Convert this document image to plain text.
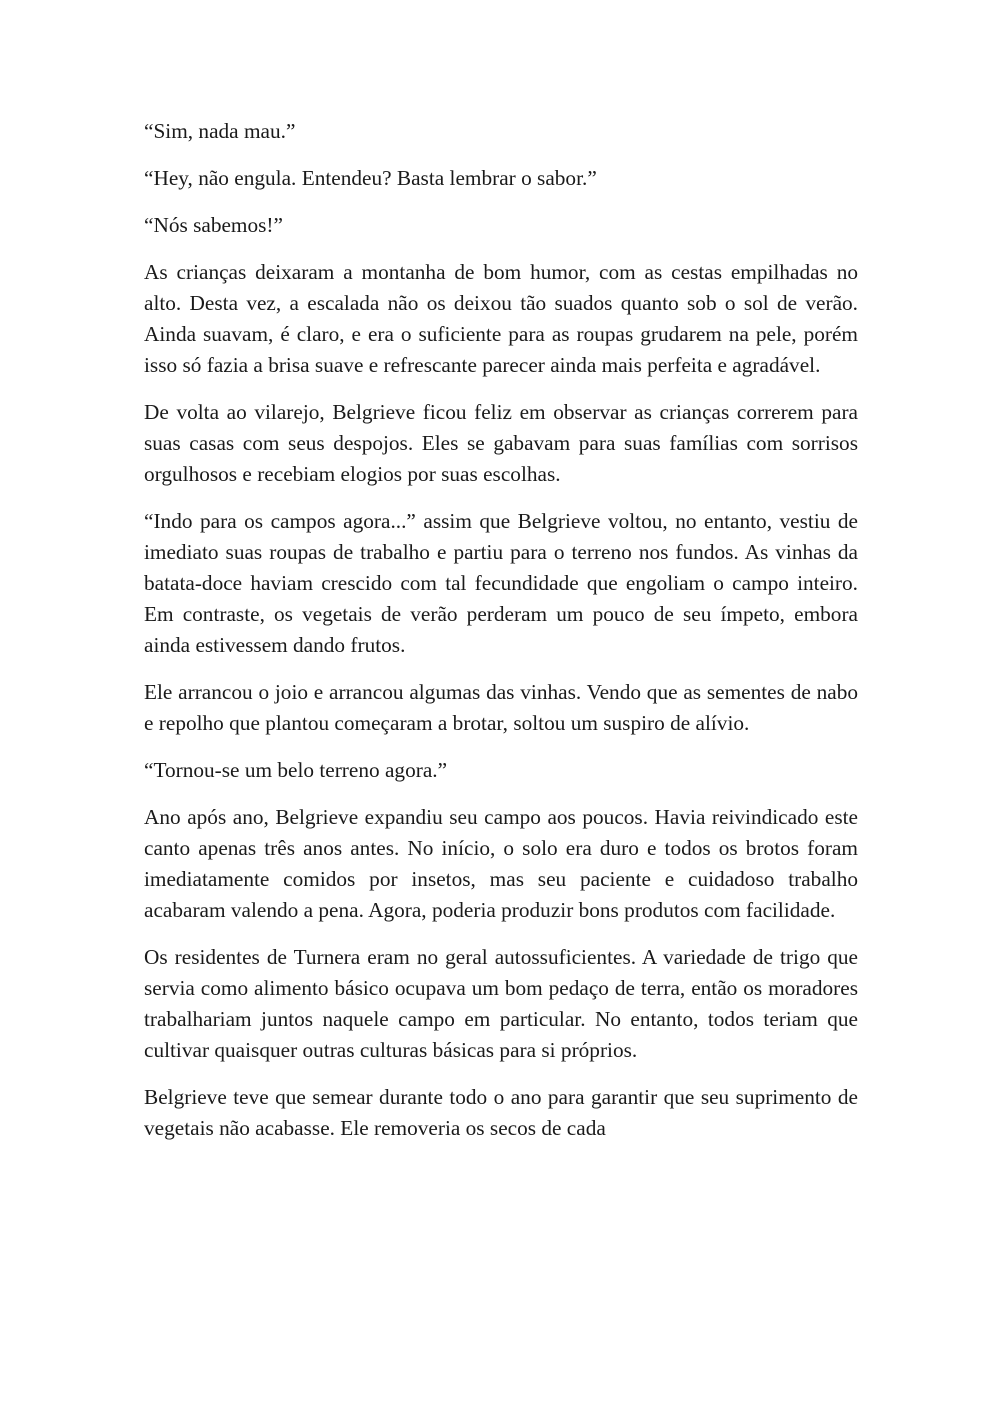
“Sim, nada mau.”

“Hey, não engula. Entendeu? Basta lembrar o sabor.”

“Nós sabemos!”

As crianças deixaram a montanha de bom humor, com as cestas empilhadas no alto. Desta vez, a escalada não os deixou tão suados quanto sob o sol de verão. Ainda suavam, é claro, e era o suficiente para as roupas grudarem na pele, porém isso só fazia a brisa suave e refrescante parecer ainda mais perfeita e agradável.

De volta ao vilarejo, Belgrieve ficou feliz em observar as crianças correrem para suas casas com seus despojos. Eles se gabavam para suas famílias com sorrisos orgulhosos e recebiam elogios por suas escolhas.

“Indo para os campos agora...” assim que Belgrieve voltou, no entanto, vestiu de imediato suas roupas de trabalho e partiu para o terreno nos fundos. As vinhas da batata-doce haviam crescido com tal fecundidade que engoliam o campo inteiro. Em contraste, os vegetais de verão perderam um pouco de seu ímpeto, embora ainda estivessem dando frutos.

Ele arrancou o joio e arrancou algumas das vinhas. Vendo que as sementes de nabo e repolho que plantou começaram a brotar, soltou um suspiro de alívio.

“Tornou-se um belo terreno agora.”

Ano após ano, Belgrieve expandiu seu campo aos poucos. Havia reivindicado este canto apenas três anos antes. No início, o solo era duro e todos os brotos foram imediatamente comidos por insetos, mas seu paciente e cuidadoso trabalho acabaram valendo a pena. Agora, poderia produzir bons produtos com facilidade.

Os residentes de Turnera eram no geral autossuficientes. A variedade de trigo que servia como alimento básico ocupava um bom pedaço de terra, então os moradores trabalhariam juntos naquele campo em particular. No entanto, todos teriam que cultivar quaisquer outras culturas básicas para si próprios.

Belgrieve teve que semear durante todo o ano para garantir que seu suprimento de vegetais não acabasse. Ele removeria os secos de cada
